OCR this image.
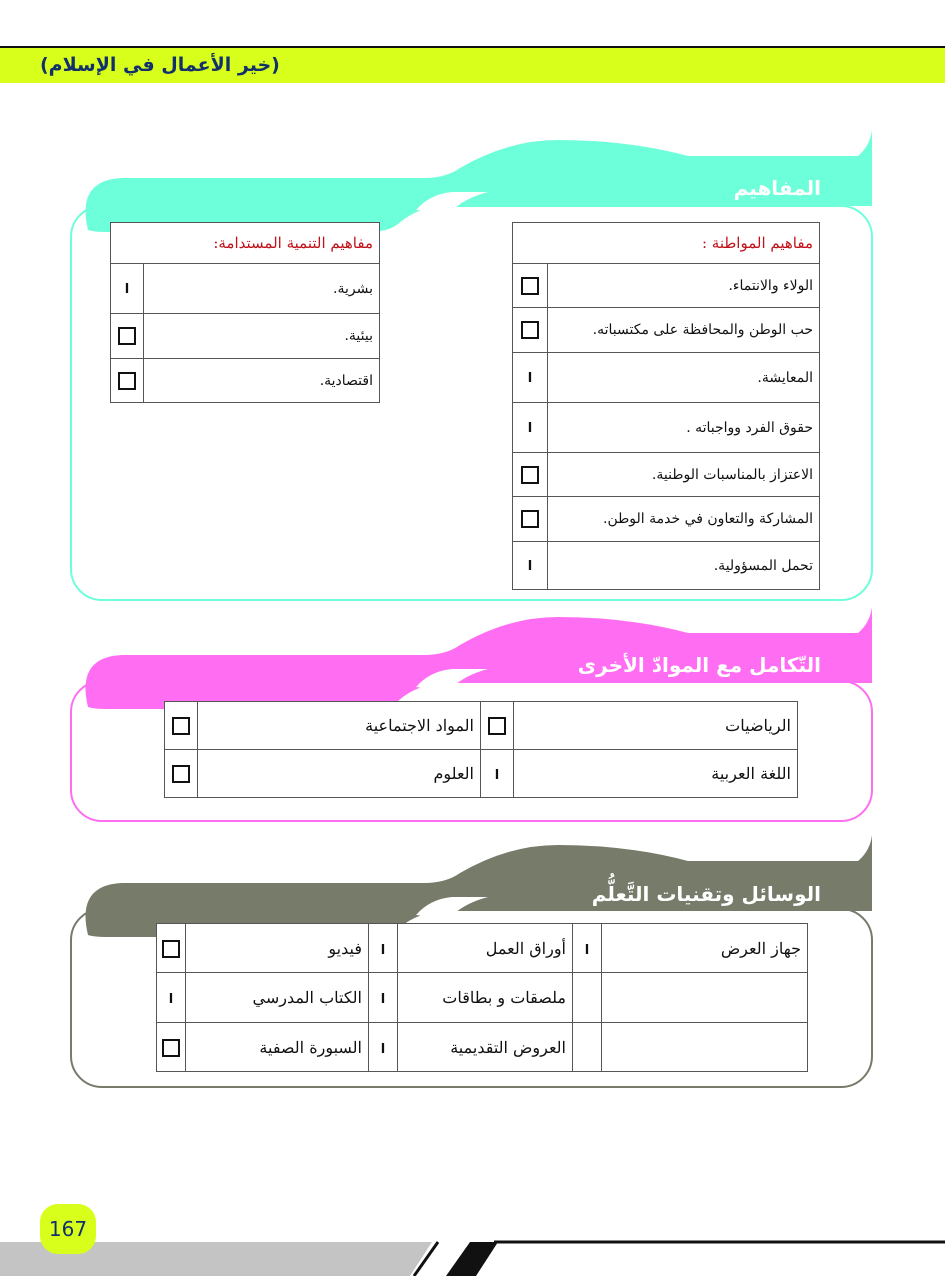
(خير الأعمال في الإسلام)
المفاهيم
مفاهيم المواطنة :	
	الولاء والانتماء.
	حب الوطن والمحافظة على مكتسباته.
ا	المعايشة.
ا	حقوق الفرد وواجباته .
	الاعتزاز بالمناسبات الوطنية.
	المشاركة والتعاون في خدمة الوطن.
ا	تحمل المسؤولية.
مفاهيم التنمية المستدامة:	
ا	بشرية.
	بيئية.
	اقتصادية.
التّكامل مع الموادّ الأخرى
	المواد الاجتماعية		الرياضيات
	العلوم	ا	اللغة العربية
الوسائل وتقنيات التَّعلُّم
	فيديو	ا	أوراق العمل	ا	جهاز العرض
ا	الكتاب المدرسي	ا	ملصقات و بطاقات		
	السبورة الصفية	ا	العروض التقديمية		
167
